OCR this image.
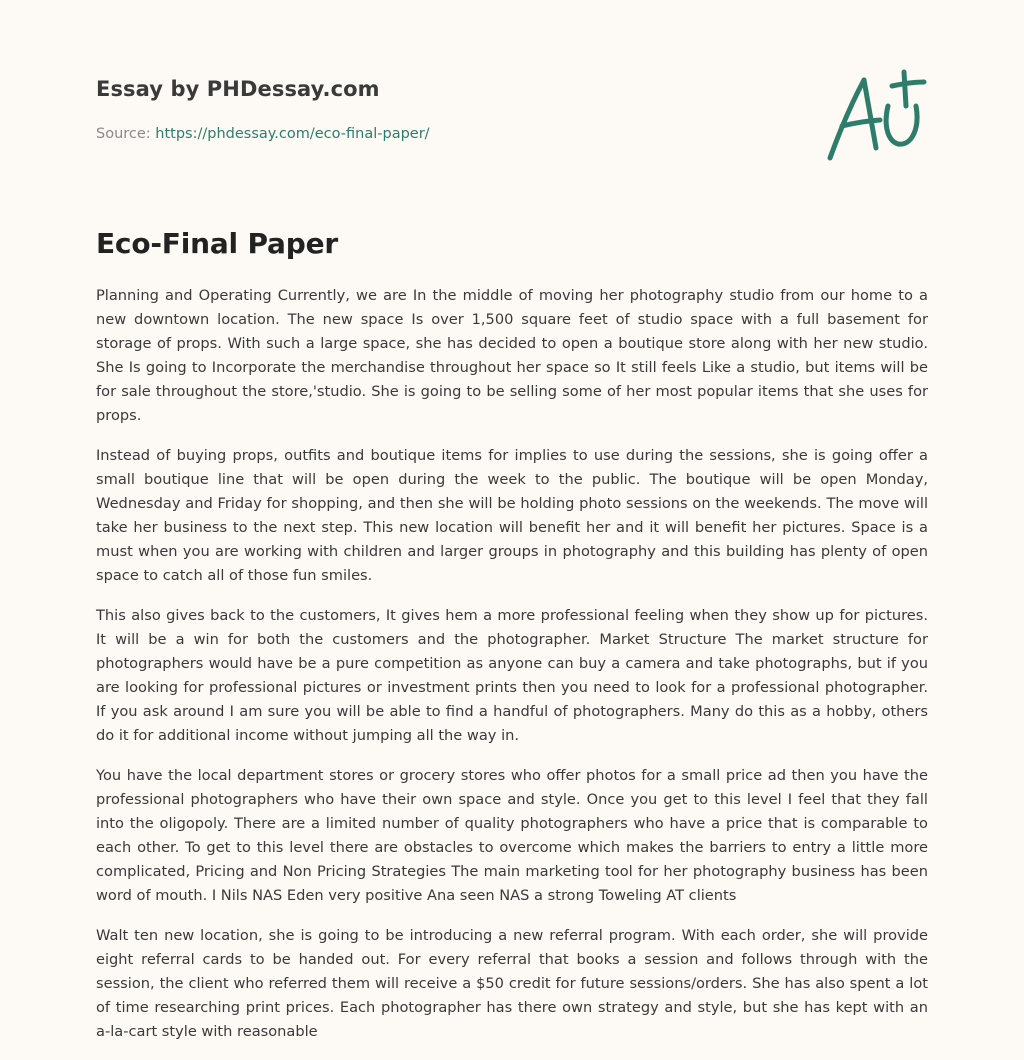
Essay by PHDessay.com
Source: https://phdessay.com/eco-final-paper/
Eco-Final Paper

Planning and Operating Currently, we are In the middle of moving her photography studio from our home to a new downtown location. The new space Is over 1,500 square feet of studio space with a full basement for storage of props. With such a large space, she has decided to open a boutique store along with her new studio. She Is going to Incorporate the merchandise throughout her space so It still feels Like a studio, but items will be for sale throughout the store,'studio. She is going to be selling some of her most popular items that she uses for props.

Instead of buying props, outfits and boutique items for implies to use during the sessions, she is going offer a small boutique line that will be open during the week to the public. The boutique will be open Monday, Wednesday and Friday for shopping, and then she will be holding photo sessions on the weekends. The move will take her business to the next step. This new location will benefit her and it will benefit her pictures. Space is a must when you are working with children and larger groups in photography and this building has plenty of open space to catch all of those fun smiles.

This also gives back to the customers, It gives hem a more professional feeling when they show up for pictures. It will be a win for both the customers and the photographer. Market Structure The market structure for photographers would have be a pure competition as anyone can buy a camera and take photographs, but if you are looking for professional pictures or investment prints then you need to look for a professional photographer. If you ask around I am sure you will be able to find a handful of photographers. Many do this as a hobby, others do it for additional income without jumping all the way in.

You have the local department stores or grocery stores who offer photos for a small price ad then you have the professional photographers who have their own space and style. Once you get to this level I feel that they fall into the oligopoly. There are a limited number of quality photographers who have a price that is comparable to each other. To get to this level there are obstacles to overcome which makes the barriers to entry a little more complicated, Pricing and Non Pricing Strategies The main marketing tool for her photography business has been word of mouth. I Nils NAS Eden very positive Ana seen NAS a strong Toweling AT clients

Walt ten new location, she is going to be introducing a new referral program. With each order, she will provide eight referral cards to be handed out. For every referral that books a session and follows through with the session, the client who referred them will receive a $50 credit for future sessions/orders. She has also spent a lot of time researching print prices. Each photographer has there own strategy and style, but she has kept with an a-la-cart style with reasonable
